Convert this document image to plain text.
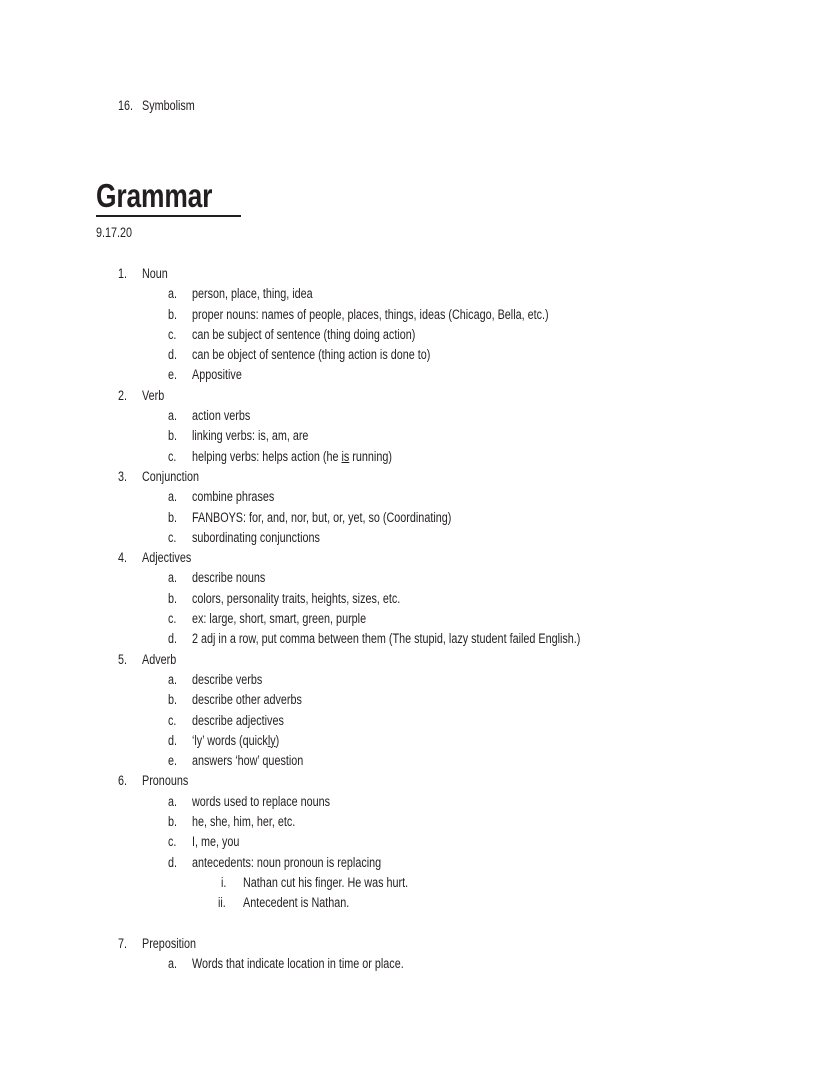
16. Symbolism
Grammar
9.17.20
1. Noun
a. person, place, thing, idea
b. proper nouns: names of people, places, things, ideas (Chicago, Bella, etc.)
c. can be subject of sentence (thing doing action)
d. can be object of sentence (thing action is done to)
e. Appositive
2. Verb
a. action verbs
b. linking verbs: is, am, are
c. helping verbs: helps action (he is running)
3. Conjunction
a. combine phrases
b. FANBOYS: for, and, nor, but, or, yet, so (Coordinating)
c. subordinating conjunctions
4. Adjectives
a. describe nouns
b. colors, personality traits, heights, sizes, etc.
c. ex: large, short, smart, green, purple
d. 2 adj in a row, put comma between them (The stupid, lazy student failed English.)
5. Adverb
a. describe verbs
b. describe other adverbs
c. describe adjectives
d. ‘ly’ words (quickly)
e. answers ‘how’ question
6. Pronouns
a. words used to replace nouns
b. he, she, him, her, etc.
c. I, me, you
d. antecedents: noun pronoun is replacing
i. Nathan cut his finger. He was hurt.
ii. Antecedent is Nathan.
7. Preposition
a. Words that indicate location in time or place.
